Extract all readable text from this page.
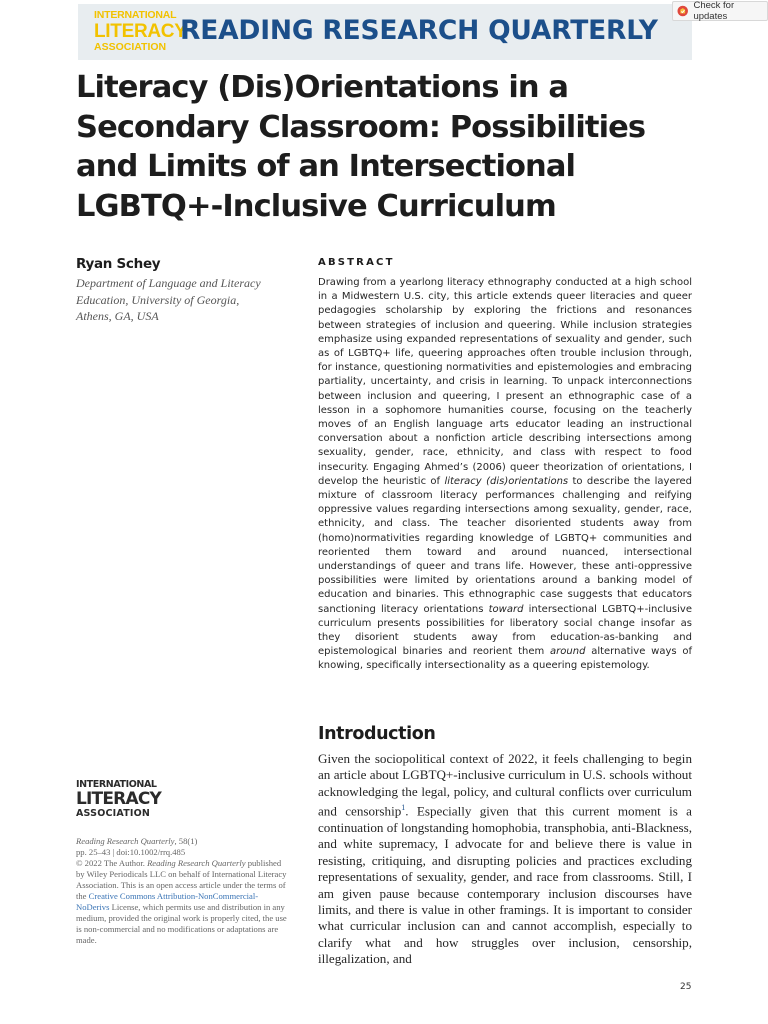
INTERNATIONAL
LITERACY
ASSOCIATION
READING RESEARCH QUARTERLY
Check for updates
Literacy (Dis)Orientations in a
Secondary Classroom: Possibilities
and Limits of an Intersectional
LGBTQ+-Inclusive Curriculum
Ryan Schey
Department of Language and Literacy
Education, University of Georgia,
Athens, GA, USA
ABSTRACT

Drawing from a yearlong literacy ethnography conducted at a high school in a Midwestern U.S. city, this article extends queer literacies and queer pedagogies scholarship by exploring the frictions and resonances between strategies of inclusion and queering. While inclusion strategies emphasize using expanded representations of sexuality and gender, such as of LGBTQ+ life, queering approaches often trouble inclusion through, for instance, questioning normativities and epistemologies and embracing partiality, uncertainty, and crisis in learning. To unpack interconnections between inclusion and queering, I present an ethnographic case of a lesson in a sophomore humanities course, focusing on the teacherly moves of an English language arts educator leading an instructional conversation about a nonfiction article describing intersections among sexuality, gender, race, ethnicity, and class with respect to food insecurity. Engaging Ahmed’s (2006) queer theorization of orientations, I develop the heuristic of literacy (dis)orientations to describe the layered mixture of classroom literacy performances challenging and reifying oppressive values regarding intersections among sexuality, gender, race, ethnicity, and class. The teacher disoriented students away from (homo)normativities regarding knowledge of LGBTQ+ communities and reoriented them toward and around nuanced, intersectional understandings of queer and trans life. However, these anti-oppressive possibilities were limited by orientations around a banking model of education and binaries. This ethnographic case suggests that educators sanctioning literacy orientations toward intersectional LGBTQ+-inclusive curriculum presents possibilities for liberatory social change insofar as they disorient students away from education-as-banking and epistemological binaries and reorient them around alternative ways of knowing, specifically intersectionality as a queering epistemology.

Introduction

Given the sociopolitical context of 2022, it feels challenging to begin an article about LGBTQ+-inclusive curriculum in U.S. schools without acknowledging the legal, policy, and cultural conflicts over curriculum and censorship$^1$. Especially given that this current moment is a continuation of longstanding homophobia, transphobia, anti-Blackness, and white supremacy, I advocate for and believe there is value in resisting, critiquing, and disrupting policies and practices excluding representations of sexuality, gender, and race from classrooms. Still, I am given pause because contemporary inclusion discourses have limits, and there is value in other framings. It is important to consider what curricular inclusion can and cannot accomplish, especially to clarify what and how struggles over inclusion, censorship, illegalization, and

INTERNATIONAL
LITERACY
ASSOCIATION

Reading Research Quarterly, 58(1)
pp. 25–43 | doi:10.1002/rrq.485
© 2022 The Author. Reading Research Quarterly published by Wiley Periodicals LLC on behalf of International Literacy Association. This is an open access article under the terms of the Creative Commons Attribution-NonCommercial-NoDerivs License, which permits use and distribution in any medium, provided the original work is properly cited, the use is non-commercial and no modifications or adaptations are made.

25
